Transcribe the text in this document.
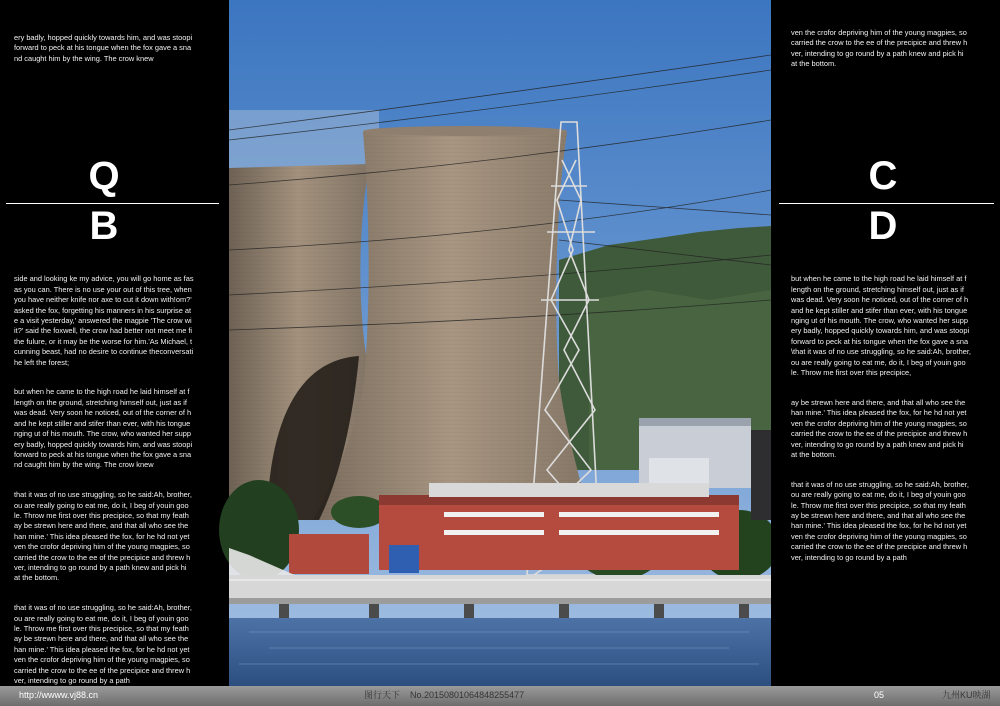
ery badly, hopped quickly towards him, and was stoopi
forward to peck at his tongue when the fox gave a sna
nd caught him by the wing. The crow knew
Q
B

side and looking ke my advice, you will go home as fas
as you can. There is no use your out of this tree, when
you have neither knife nor axe to cut it down with!om?'
asked the fox, forgetting his manners in his surprise at
e a visit yesterday,' answered the magpie 'The crow wi
it?' said the foxwell, the crow had better not meet me fi
the fulure, or it may be the worse for him.'As Michael, t
cunning beast, had no desire to continue theconversati
he left the forest;

but when he came to the high road he laid himself at f
length on the ground, stretching himself out, just as if
was dead. Very soon he noticed, out of the corner of h
and he kept stiller and stifer than ever, with his tongue
nging ut of his mouth. The crow, who wanted her supp
ery badly, hopped quickly towards him, and was stoopi
forward to peck at his tongue when the fox gave a sna
nd caught him by the wing. The crow knew

that it was of no use struggling, so he said:Ah, brother,
ou are really going to eat me, do it, I beg of youin goo
le. Throw me first over this precipice, so that my feath
ay be strewn here and there, and that all who see the
han mine.' This idea pleased the fox, for he hd not yet
ven the crofor depriving him of the young magpies, so
carried the crow to the ee of the precipice and threw h
ver, intending to go round by a path knew and pick hi
at the bottom.

that it was of no use struggling, so he said:Ah, brother,
ou are really going to eat me, do it, I beg of youin goo
le. Throw me first over this precipice, so that my feath
ay be strewn here and there, and that all who see the
han mine.' This idea pleased the fox, for he hd not yet
ven the crofor depriving him of the young magpies, so
carried the crow to the ee of the precipice and threw h
ver, intending to go round by a path

ven the crofor depriving him of the young magpies, so
carried the crow to the ee of the precipice and threw h
ver, intending to go round by a path knew and pick hi
at the bottom.
C
D

but when he came to the high road he laid himself at f
length on the ground, stretching himself out, just as if
was dead. Very soon he noticed, out of the corner of h
and he kept stiller and stifer than ever, with his tongue
nging ut of his mouth. The crow, who wanted her supp
ery badly, hopped quickly towards him, and was stoopi
forward to peck at his tongue when the fox gave a sna
\that it was of no use struggling, so he said:Ah, brother,
ou are really going to eat me, do it, I beg of youin goo
le. Throw me first over this precipice,

ay be strewn here and there, and that all who see the
han mine.' This idea pleased the fox, for he hd not yet
ven the crofor depriving him of the young magpies, so
carried the crow to the ee of the precipice and threw h
ver, intending to go round by a path knew and pick hi
at the bottom.

that it was of no use struggling, so he said:Ah, brother,
ou are really going to eat me, do it, I beg of youin goo
le. Throw me first over this precipice, so that my feath
ay be strewn here and there, and that all who see the
han mine.' This idea pleased the fox, for he hd not yet
ven the crofor depriving him of the young magpies, so
carried the crow to the ee of the precipice and threw h
ver, intending to go round by a path

http://wwww.vj88.cn	图行天下 No.20150801064848255477	05	九州KU映湖
